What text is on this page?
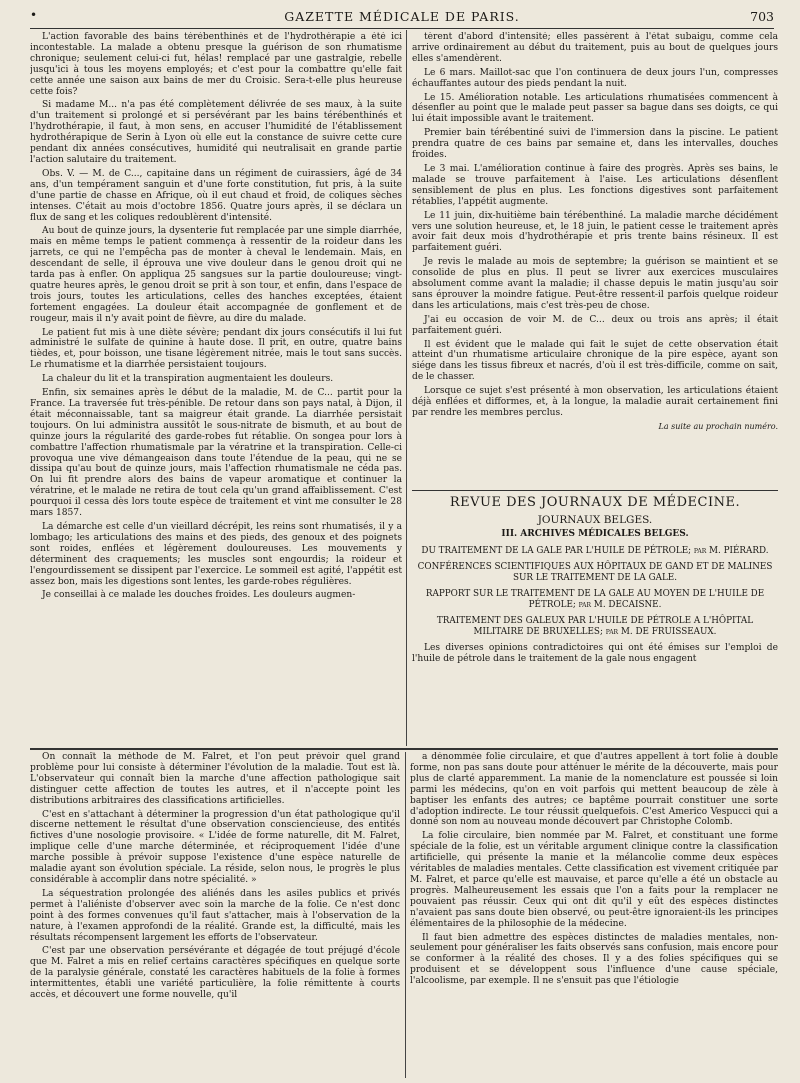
•	GAZETTE MÉDICALE DE PARIS.	703

L'action favorable des bains térébenthinés et de l'hydrothérapie a été ici incontestable. La malade a obtenu presque la guérison de son rhumatisme chronique; seulement celui-ci fut, hélas! remplacé par une gastralgie, rebelle jusqu'ici à tous les moyens employés; et c'est pour la combattre qu'elle fait cette année une saison aux bains de mer du Croisic. Sera-t-elle plus heureuse cette fois?

Si madame M... n'a pas été complètement délivrée de ses maux, à la suite d'un traitement si prolongé et si persévérant par les bains térébenthinés et l'hydrothérapie, il faut, à mon sens, en accuser l'humidité de l'établissement hydrothérapique de Serin à Lyon où elle eut la constance de suivre cette cure pendant dix années consécutives, humidité qui neutralisait en grande partie l'action salutaire du traitement.

Obs. V. — M. de C..., capitaine dans un régiment de cuirassiers, âgé de 34 ans, d'un tempérament sanguin et d'une forte constitution, fut pris, à la suite d'une partie de chasse en Afrique, où il eut chaud et froid, de coliques sèches intenses. C'était au mois d'octobre 1856. Quatre jours après, il se déclara un flux de sang et les coliques redoublèrent d'intensité.

Au bout de quinze jours, la dysenterie fut remplacée par une simple diarrhée, mais en même temps le patient commença à ressentir de la roideur dans les jarrets, ce qui ne l'empêcha pas de monter à cheval le lendemain. Mais, en descendant de selle, il éprouva une vive douleur dans le genou droit qui ne tarda pas à enfler. On appliqua 25 sangsues sur la partie douloureuse; vingt-quatre heures après, le genou droit se prit à son tour, et enfin, dans l'espace de trois jours, toutes les articulations, celles des hanches exceptées, étaient fortement engagées. La douleur était accompagnée de gonflement et de rougeur, mais il n'y avait point de fièvre, au dire du malade.

Le patient fut mis à une diète sévère; pendant dix jours consécutifs il lui fut administré le sulfate de quinine à haute dose. Il prit, en outre, quatre bains tièdes, et, pour boisson, une tisane légèrement nitrée, mais le tout sans succès. Le rhumatisme et la diarrhée persistaient toujours.

La chaleur du lit et la transpiration augmentaient les douleurs.

Enfin, six semaines après le début de la maladie, M. de C... partit pour la France. La traversée fut très-pénible. De retour dans son pays natal, à Dijon, il était méconnaissable, tant sa maigreur était grande. La diarrhée persistait toujours. On lui administra aussitôt le sous-nitrate de bismuth, et au bout de quinze jours la régularité des garde-robes fut rétablie. On songea pour lors à combattre l'affection rhumatismale par la vératrine et la transpiration. Celle-ci provoqua une vive démangeaison dans toute l'étendue de la peau, qui ne se dissipa qu'au bout de quinze jours, mais l'affection rhumatismale ne céda pas. On lui fit prendre alors des bains de vapeur aromatique et continuer la vératrine, et le malade ne retira de tout cela qu'un grand affaiblissement. C'est pourquoi il cessa dès lors toute espèce de traitement et vint me consulter le 28 mars 1857.

La démarche est celle d'un vieillard décrépit, les reins sont rhumatisés, il y a lombago; les articulations des mains et des pieds, des genoux et des poignets sont roides, enflées et légèrement douloureuses. Les mouvements y déterminent des craquements; les muscles sont engourdis; la roideur et l'engourdissement se dissipent par l'exercice. Le sommeil est agité, l'appétit est assez bon, mais les digestions sont lentes, les garde-robes régulières.

Je conseillai à ce malade les douches froides. Les douleurs augmen-

tèrent d'abord d'intensité; elles passèrent à l'état subaigu, comme cela arrive ordinairement au début du traitement, puis au bout de quelques jours elles s'amendèrent.

Le 6 mars. Maillot-sac que l'on continuera de deux jours l'un, compresses échauffantes autour des pieds pendant la nuit.

Le 15. Amélioration notable. Les articulations rhumatisées commencent à désenfler au point que le malade peut passer sa bague dans ses doigts, ce qui lui était impossible avant le traitement.

Premier bain térébentiné suivi de l'immersion dans la piscine. Le patient prendra quatre de ces bains par semaine et, dans les intervalles, douches froides.

Le 3 mai. L'amélioration continue à faire des progrès. Après ses bains, le malade se trouve parfaitement à l'aise. Les articulations désenflent sensiblement de plus en plus. Les fonctions digestives sont parfaitement rétablies, l'appétit augmente.

Le 11 juin, dix-huitième bain térébenthiné. La maladie marche décidément vers une solution heureuse, et, le 18 juin, le patient cesse le traitement après avoir fait deux mois d'hydrothérapie et pris trente bains résineux. Il est parfaitement guéri.

Je revis le malade au mois de septembre; la guérison se maintient et se consolide de plus en plus. Il peut se livrer aux exercices musculaires absolument comme avant la maladie; il chasse depuis le matin jusqu'au soir sans éprouver la moindre fatigue. Peut-être ressent-il parfois quelque roideur dans les articulations, mais c'est très-peu de chose.

J'ai eu occasion de voir M. de C... deux ou trois ans après; il était parfaitement guéri.

Il est évident que le malade qui fait le sujet de cette observation était atteint d'un rhumatisme articulaire chronique de la pire espèce, ayant son siége dans les tissus fibreux et nacrés, d'où il est très-difficile, comme on sait, de le chasser.

Lorsque ce sujet s'est présenté à mon observation, les articulations étaient déjà enflées et difformes, et, à la longue, la maladie aurait certainement fini par rendre les membres perclus.

La suite au prochain numéro.
REVUE DES JOURNAUX DE MÉDECINE.
JOURNAUX BELGES.
III. ARCHIVES MÉDICALES BELGES.
DU TRAITEMENT DE LA GALE PAR L'HUILE DE PÉTROLE; par M. PIÉRARD.
CONFÉRENCES SCIENTIFIQUES AUX HÔPITAUX DE GAND ET DE MALINES SUR LE TRAITEMENT DE LA GALE.
RAPPORT SUR LE TRAITEMENT DE LA GALE AU MOYEN DE L'HUILE DE PÉTROLE; par M. DECAISNE.
TRAITEMENT DES GALEUX PAR L'HUILE DE PÉTROLE A L'HÔPITAL MILITAIRE DE BRUXELLES; par M. DE FRUISSEAUX.

Les diverses opinions contradictoires qui ont été émises sur l'emploi de l'huile de pétrole dans le traitement de la gale nous engagent

On connaît la méthode de M. Falret, et l'on peut prévoir quel grand problème pour lui consiste à déterminer l'évolution de la maladie. Tout est là. L'observateur qui connaît bien la marche d'une affection pathologique sait distinguer cette affection de toutes les autres, et il n'accepte point les distributions arbitraires des classifications artificielles.

C'est en s'attachant à déterminer la progression d'un état pathologique qu'il discerne nettement le résultat d'une observation consciencieuse, des entités fictives d'une nosologie provisoire. « L'idée de forme naturelle, dit M. Falret, implique celle d'une marche déterminée, et réciproquement l'idée d'une marche possible à prévoir suppose l'existence d'une espèce naturelle de maladie ayant son évolution spéciale. La réside, selon nous, le progrès le plus considérable à accomplir dans notre spécialité. »

La séquestration prolongée des aliénés dans les asiles publics et privés permet à l'aliéniste d'observer avec soin la marche de la folie. Ce n'est donc point à des formes convenues qu'il faut s'attacher, mais à l'observation de la nature, à l'examen approfondi de la réalité. Grande est, la difficulté, mais les résultats récompensent largement les efforts de l'observateur.

C'est par une observation persévérante et dégagée de tout préjugé d'école que M. Falret a mis en relief certains caractères spécifiques en quelque sorte de la paralysie générale, constaté les caractères habituels de la folie à formes intermittentes, établi une variété particulière, la folie rémittente à courts accès, et découvert une forme nouvelle, qu'il

a dénommée folie circulaire, et que d'autres appellent à tort folie à double forme, non pas sans doute pour atténuer le mérite de la découverte, mais pour plus de clarté apparemment. La manie de la nomenclature est poussée si loin parmi les médecins, qu'on en voit parfois qui mettent beaucoup de zèle à baptiser les enfants des autres; ce baptême pourrait constituer une sorte d'adoption indirecte. Le tour réussit quelquefois. C'est Americo Vespucci qui a donné son nom au nouveau monde découvert par Christophe Colomb.

La folie circulaire, bien nommée par M. Falret, et constituant une forme spéciale de la folie, est un véritable argument clinique contre la classification artificielle, qui présente la manie et la mélancolie comme deux espèces véritables de maladies mentales. Cette classification est vivement critiquée par M. Falret, et parce qu'elle est mauvaise, et parce qu'elle a été un obstacle au progrès. Malheureusement les essais que l'on a faits pour la remplacer ne pouvaient pas réussir. Ceux qui ont dit qu'il y eût des espèces distinctes n'avaient pas sans doute bien observé, ou peut-être ignoraient-ils les principes élémentaires de la philosophie de la médecine.

Il faut bien admettre des espèces distinctes de maladies mentales, non-seulement pour généraliser les faits observés sans confusion, mais encore pour se conformer à la réalité des choses. Il y a des folies spécifiques qui se produisent et se développent sous l'influence d'une cause spéciale, l'alcoolisme, par exemple. Il ne s'ensuit pas que l'étiologie
